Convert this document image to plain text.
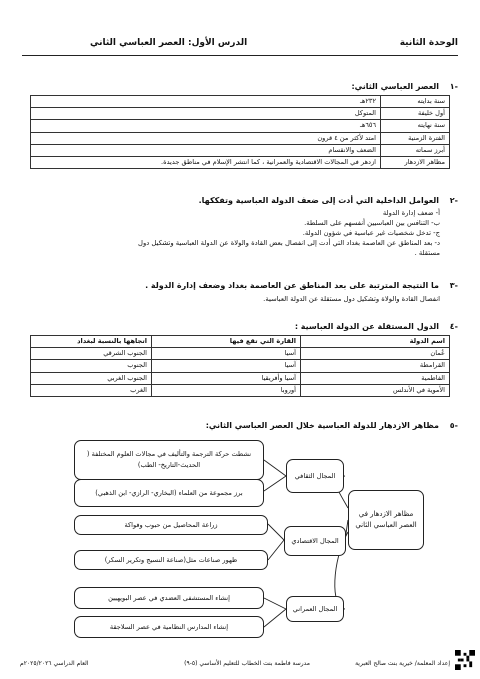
الوحدة الثانية
الدرس الأول: العصر العباسي الثاني
-١ العصر العباسي الثاني:
سنة بدايته	٢٣٢هـ
أول خليفة	المتوكل
سنة نهايته	٦٥٦هـ
الفترة الزمنية	امتد لأكثر من ٤ قرون
أبرز سماته	الضعف والانقسام
مظاهر الازدهار	ازدهر في المجالات الاقتصادية والعمرانية ، كما انتشر الإسلام في مناطق جديدة.
-٢ العوامل الداخلية التي أدت إلى ضعف الدولة العباسية وتفككها.
أ- ضعف إدارة الدولة
ب- التنافس بين العباسيين أنفسهم على السلطة.
ج- تدخل شخصيات غير عباسية في شؤون الدولة.
د- بعد المناطق عن العاصمة بغداد التي أدت إلى انفصال بعض القادة والولاة عن الدولة العباسية وتشكيل دول
مستقلة .
-٣ ما النتيجة المترتبة على بعد المناطق عن العاصمة بغداد وضعف إدارة الدولة .
انفصال القادة والولاة وتشكيل دول مستقلة عن الدولة العباسية.
-٤ الدول المستقلة عن الدولة العباسية :
اسم الدولة	القارة التي تقع فيها	اتجاهها بالنسبة لبغداد
عُمان	آسيا	الجنوب الشرقي
القرامطة	آسيا	الجنوب
الفاطمية	آسيا وأفريقيا	الجنوب الغربي
الأموية في الأندلس	أوروبا	الغرب
-٥ مظاهر الازدهار للدولة العباسية خلال العصر العباسي الثاني:
مظاهر الازدهار في العصر العباسي الثاني
المجال الثقافي
المجال الاقتصادي
المجال العمراني
نشطت حركة الترجمة والتأليف في مجالات العلوم المختلفة ( الحديث-التاريخ- الطب)
برز مجموعة من العلماء (البخاري- الرازي- ابن الذهبي)
زراعة المحاصيل من حبوب وفواكة
ظهور صناعات مثل(صناعة النسيج وتكرير السكر)
إنشاء المستشفى العضدي في عصر البويهيين
إنشاء المدارس النظامية في عصر السلاجقة
إعداد المعلمة/ خيرية بنت صالح العبرية
مدرسة فاطمة بنت الخطاب للتعليم الأساسي (٥-٩)
العام الدراسي ٢٠٢٥/٢٠٢٦م
